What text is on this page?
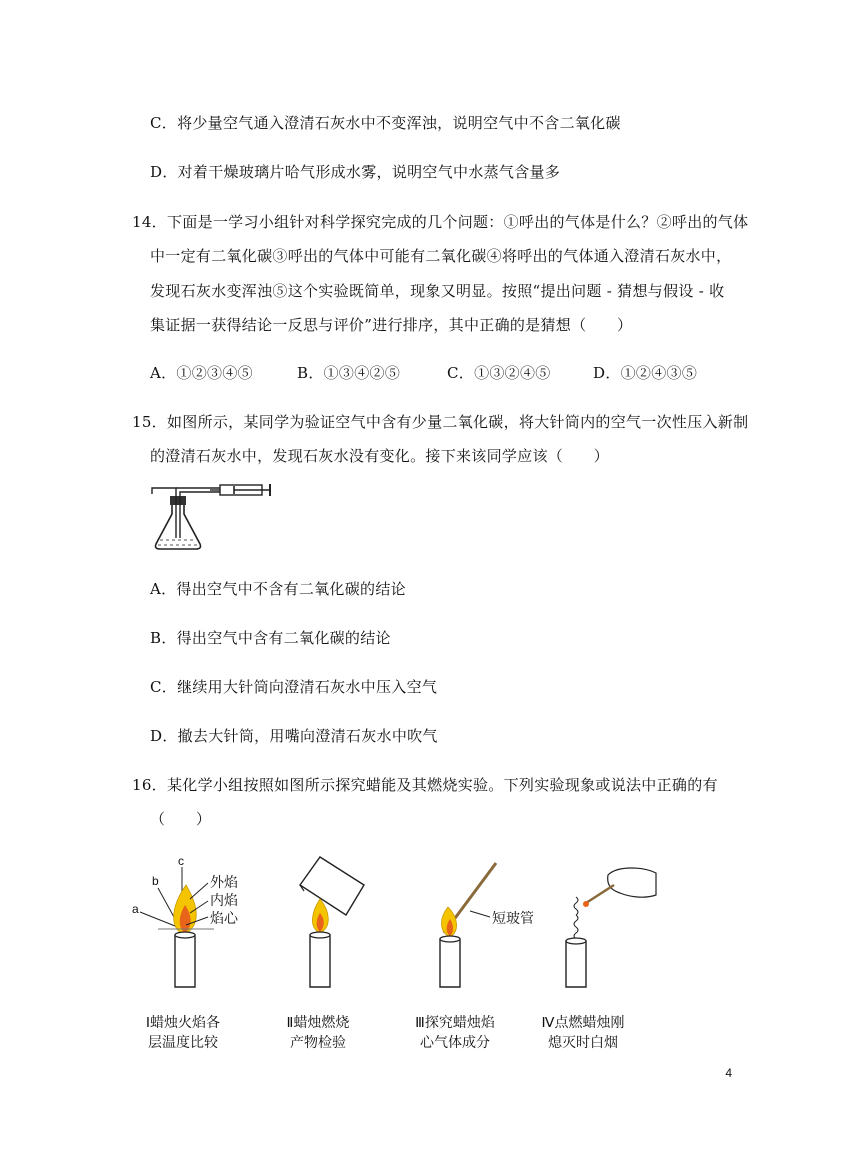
C．将少量空气通入澄清石灰水中不变浑浊，说明空气中不含二氧化碳
D．对着干燥玻璃片哈气形成水雾，说明空气中水蒸气含量多
14．下面是一学习小组针对科学探究完成的几个问题：①呼出的气体是什么？②呼出的气体
中一定有二氧化碳③呼出的气体中可能有二氧化碳④将呼出的气体通入澄清石灰水中，
发现石灰水变浑浊⑤这个实验既简单，现象又明显。按照“提出问题 - 猜想与假设 - 收
集证据一获得结论一反思与评价”进行排序，其中正确的是猜想（　　）
A．①②③④⑤	B．①③④②⑤	C．①③②④⑤	D．①②④③⑤
15．如图所示，某同学为验证空气中含有少量二氧化碳，将大针筒内的空气一次性压入新制
的澄清石灰水中，发现石灰水没有变化。接下来该同学应该（　　）
A．得出空气中不含有二氧化碳的结论
B．得出空气中含有二氧化碳的结论
C．继续用大针筒向澄清石灰水中压入空气
D．撤去大针筒，用嘴向澄清石灰水中吹气
16．某化学小组按照如图所示探究蜡能及其燃烧实验。下列实验现象或说法中正确的有
（　　）
a
b
c
外焰
内焰
焰心	短玻管
Ⅰ蜡烛火焰各
层温度比较
Ⅱ蜡烛燃烧
产物检验
Ⅲ探究蜡烛焰
心气体成分
Ⅳ点燃蜡烛刚
熄灭时白烟
4
